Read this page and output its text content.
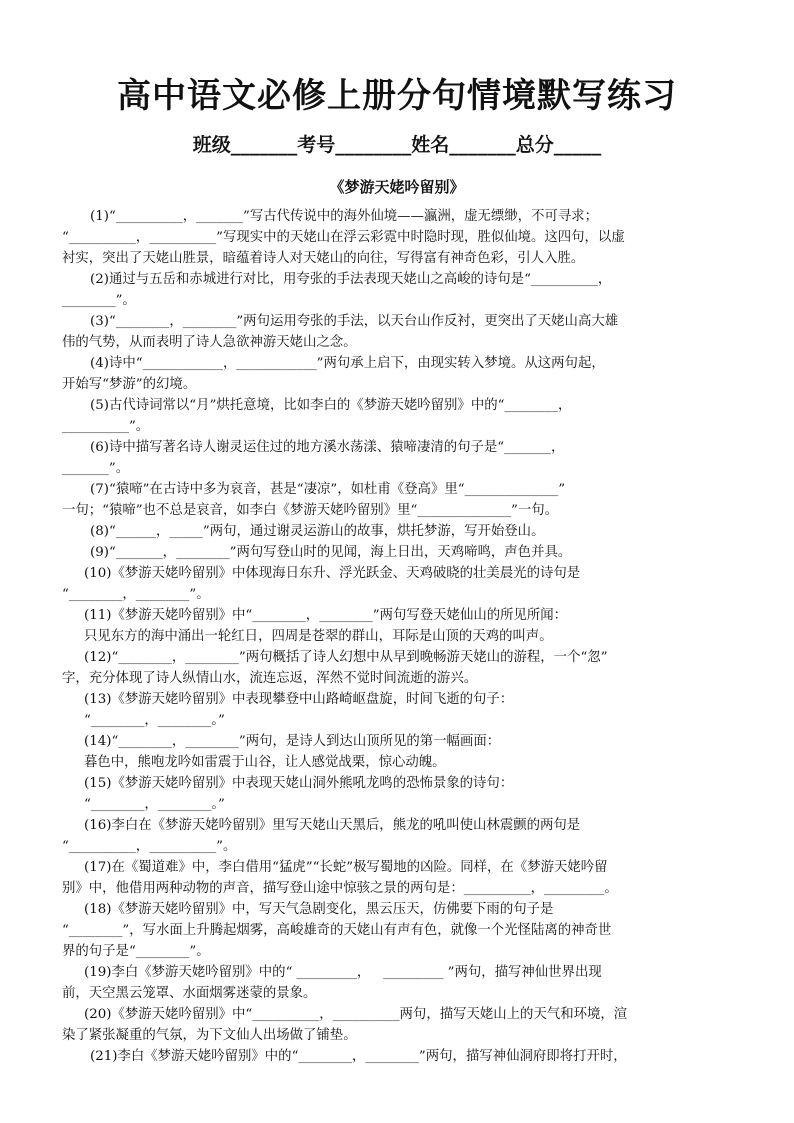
高中语文必修上册分句情境默写练习
班级_______考号________姓名_______总分_____
《梦游天姥吟留别》
(1)“__________，_______”写古代传说中的海外仙境——瀛洲，虚无缥缈，不可寻求；
“__________，__________”写现实中的天姥山在浮云彩霓中时隐时现，胜似仙境。这四句，以虚
衬实，突出了天姥山胜景，暗蕴着诗人对天姥山的向往，写得富有神奇色彩，引人入胜。
(2)通过与五岳和赤城进行对比，用夸张的手法表现天姥山之高峻的诗句是“__________，
________”。
(3)“________，________”两句运用夸张的手法，以天台山作反衬，更突出了天姥山高大雄
伟的气势，从而表明了诗人急欲神游天姥山之念。
(4)诗中“____________，____________”两句承上启下，由现实转入梦境。从这两句起，
开始写“梦游”的幻境。
(5)古代诗词常以“月”烘托意境，比如李白的《梦游天姥吟留别》中的“________，
__________”。
(6)诗中描写著名诗人谢灵运住过的地方溪水荡漾、猿啼凄清的句子是“_______，
_______”。
(7)“猿啼”在古诗中多为哀音，甚是“凄凉”，如杜甫《登高》里“______________”
一句；“猿啼”也不总是哀音，如李白《梦游天姥吟留别》里“______________”一句。
(8)“______，_____”两句，通过谢灵运游山的故事，烘托梦游，写开始登山。
(9)“_______，________”两句写登山时的见闻，海上日出，天鸡啼鸣，声色并具。
(10)《梦游天姥吟留别》中体现海日东升、浮光跃金、天鸡破晓的壮美晨光的诗句是
“________，________”。
(11)《梦游天姥吟留别》中“________，________”两句写登天姥仙山的所见所闻：
只见东方的海中涌出一轮红日，四周是苍翠的群山，耳际是山顶的天鸡的叫声。
(12)“________，________”两句概括了诗人幻想中从早到晚畅游天姥山的游程，一个“忽”
字，充分体现了诗人纵情山水，流连忘返，浑然不觉时间流逝的游兴。
(13)《梦游天姥吟留别》中表现攀登中山路崎岖盘旋，时间飞逝的句子：
“________，________。”
(14)“________，________”两句，是诗人到达山顶所见的第一幅画面：
暮色中，熊咆龙吟如雷震于山谷，让人感觉战栗，惊心动魄。
(15)《梦游天姥吟留别》中表现天姥山洞外熊吼龙鸣的恐怖景象的诗句：
“________，________。”
(16)李白在《梦游天姥吟留别》里写天姥山天黑后，熊龙的吼叫使山林震颤的两句是
“__________，__________”。
(17)在《蜀道难》中，李白借用“猛虎”“长蛇”极写蜀地的凶险。同样，在《梦游天姥吟留
别》中，他借用两种动物的声音，描写登山途中惊骇之景的两句是：__________，_________。
(18)《梦游天姥吟留别》中，写天气急剧变化，黑云压天，仿佛要下雨的句子是
“________”，写水面上升腾起烟雾，高峻雄奇的天姥山有声有色，就像一个光怪陆离的神奇世
界的句子是“________”。
(19)李白《梦游天姥吟留别》中的“ _________，   _________ ”两句，描写神仙世界出现
前，天空黑云笼罩、水面烟雾迷蒙的景象。
(20)《梦游天姥吟留别》中“__________，__________两句，描写天姥山上的天气和环境，渲
染了紧张凝重的气氛，为下文仙人出场做了铺垫。
(21)李白《梦游天姥吟留别》中的“________，________”两句，描写神仙洞府即将打开时，
